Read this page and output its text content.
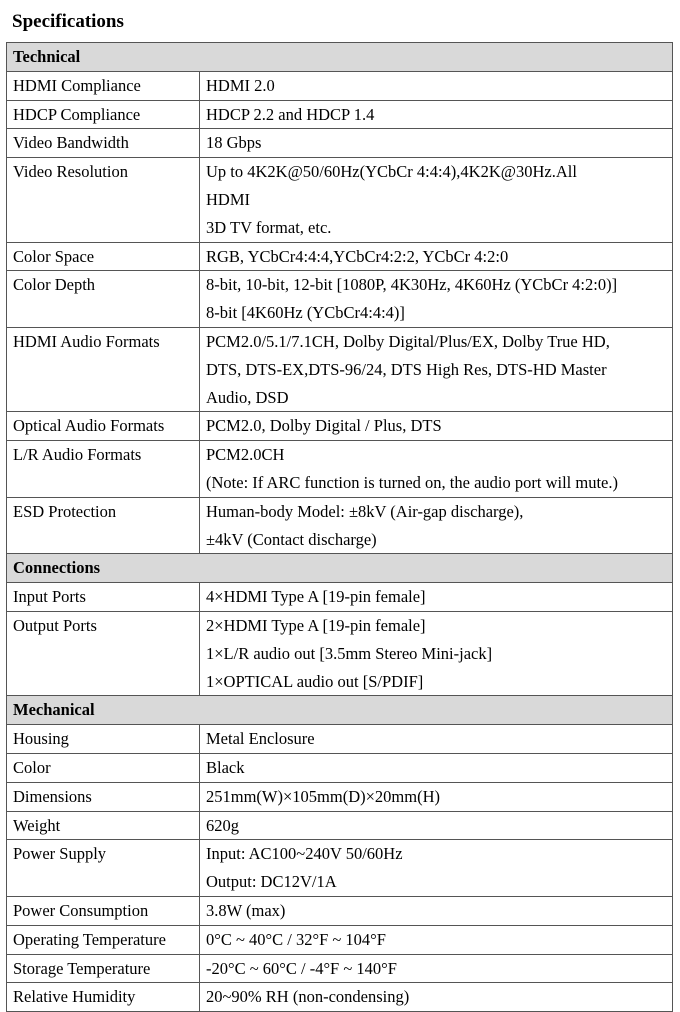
Specifications
Technical	
HDMI Compliance	HDMI 2.0

HDCP Compliance	HDCP 2.2 and HDCP 1.4

Video Bandwidth	18 Gbps

Video Resolution	Up to 4K2K@50/60Hz(YCbCr 4:4:4),4K2K@30Hz.All
HDMI
3D TV format, etc.

Color Space	RGB, YCbCr4:4:4,YCbCr4:2:2, YCbCr 4:2:0

Color Depth	8-bit, 10-bit, 12-bit [1080P, 4K30Hz, 4K60Hz (YCbCr 4:2:0)]
8-bit [4K60Hz (YCbCr4:4:4)]

HDMI Audio Formats	PCM2.0/5.1/7.1CH, Dolby Digital/Plus/EX, Dolby True HD,
DTS, DTS-EX,DTS-96/24, DTS High Res, DTS-HD Master
Audio, DSD

Optical Audio Formats	PCM2.0, Dolby Digital / Plus, DTS

L/R Audio Formats	PCM2.0CH
(Note: If ARC function is turned on, the audio port will mute.)

ESD Protection	Human-body Model: ±8kV (Air-gap discharge),
±4kV (Contact discharge)

Connections	
Input Ports	4×HDMI Type A [19-pin female]

Output Ports	2×HDMI Type A [19-pin female]
1×L/R audio out [3.5mm Stereo Mini-jack]
1×OPTICAL audio out [S/PDIF]

Mechanical	
Housing	Metal Enclosure

Color	Black

Dimensions	251mm(W)×105mm(D)×20mm(H)

Weight	620g

Power Supply	Input: AC100~240V 50/60Hz
Output: DC12V/1A

Power Consumption	3.8W (max)

Operating Temperature	0°C ~ 40°C / 32°F ~ 104°F

Storage Temperature	-20°C ~ 60°C / -4°F ~ 140°F

Relative Humidity	20~90% RH (non-condensing)
